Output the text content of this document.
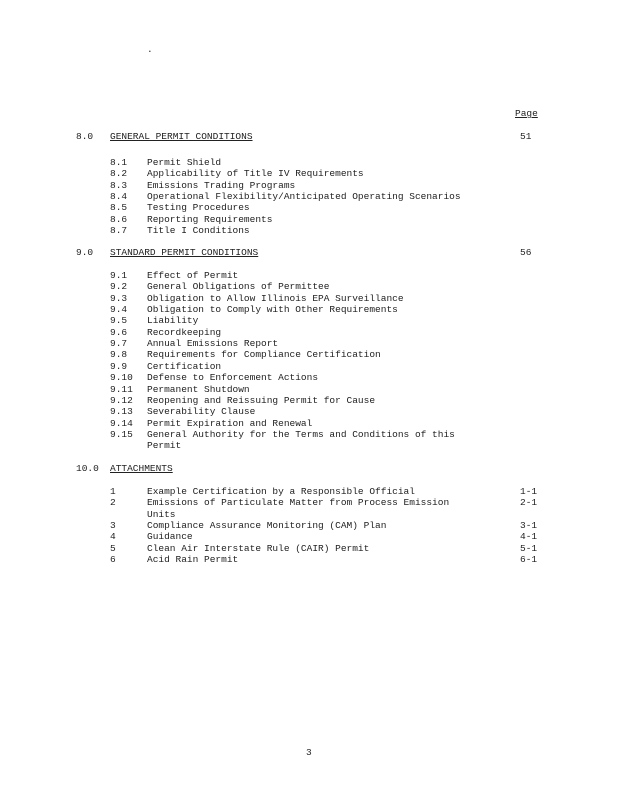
.
Page
8.0 GENERAL PERMIT CONDITIONS	51
8.1 Permit Shield
8.2 Applicability of Title IV Requirements
8.3 Emissions Trading Programs
8.4 Operational Flexibility/Anticipated Operating Scenarios
8.5 Testing Procedures
8.6 Reporting Requirements
8.7 Title I Conditions
9.0 STANDARD PERMIT CONDITIONS	56
9.1 Effect of Permit
9.2 General Obligations of Permittee
9.3 Obligation to Allow Illinois EPA Surveillance
9.4 Obligation to Comply with Other Requirements
9.5 Liability
9.6 Recordkeeping
9.7 Annual Emissions Report
9.8 Requirements for Compliance Certification
9.9 Certification
9.10 Defense to Enforcement Actions
9.11 Permanent Shutdown
9.12 Reopening and Reissuing Permit for Cause
9.13 Severability Clause
9.14 Permit Expiration and Renewal
9.15 General Authority for the Terms and Conditions of this
Permit
10.0 ATTACHMENTS
1	Example Certification by a Responsible Official	1-1
2	Emissions of Particulate Matter from Process Emission	2-1
Units
3	Compliance Assurance Monitoring (CAM) Plan	3-1
4	Guidance	4-1
5	Clean Air Interstate Rule (CAIR) Permit	5-1
6	Acid Rain Permit	6-1
3
